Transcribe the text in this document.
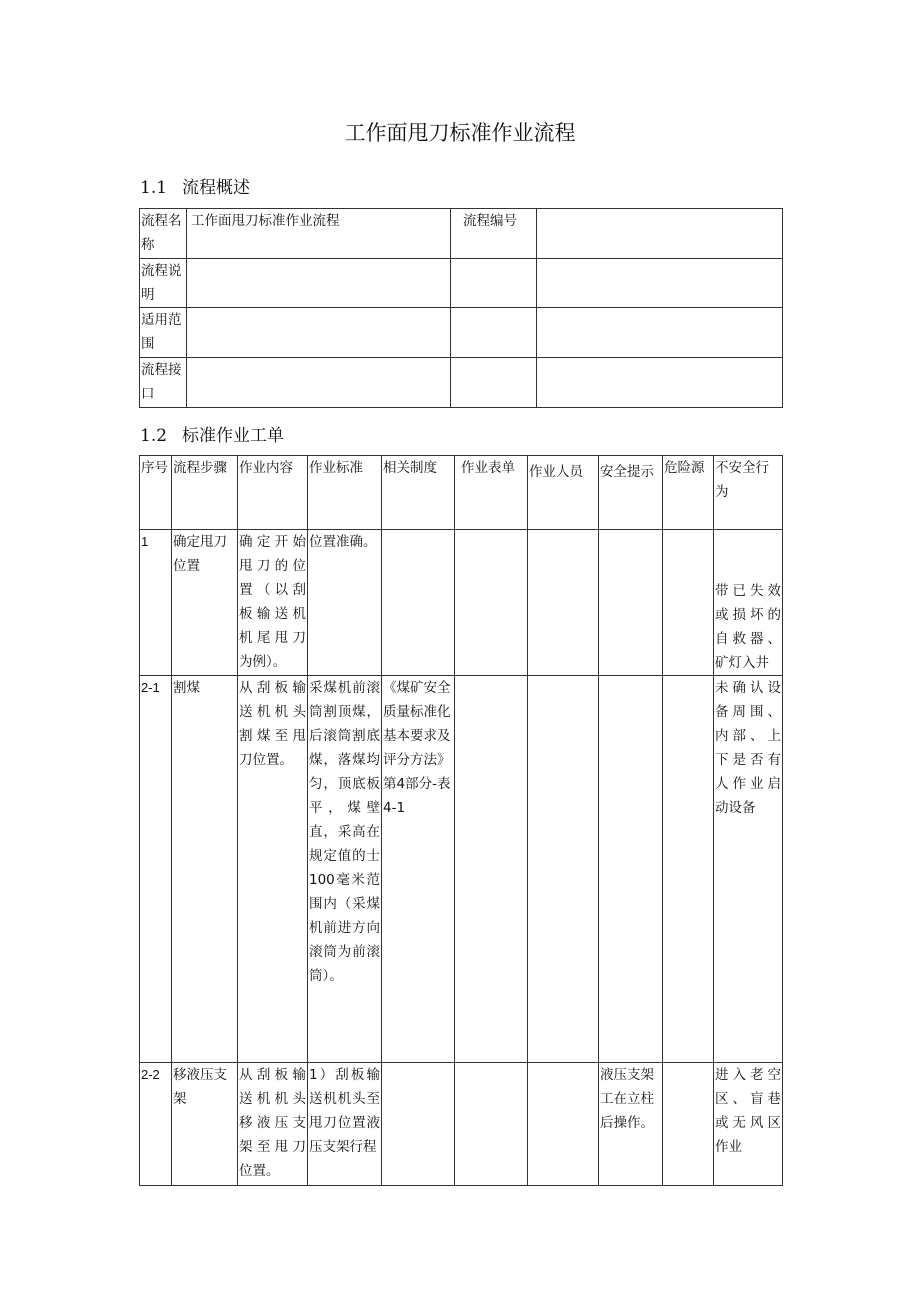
工作面甩刀标准作业流程
1.1 流程概述
流程名称	工作面甩刀标准作业流程	流程编号	
流程说明			
适用范围			
流程接口			
1.2 标准作业工单
序号	流程步骤	作业内容	作业标准	相关制度	作业表单	作业人员	安全提示	危险源	不安全行为
1	确定甩刀位置	确定开始甩刀的位置（以刮板输送机机尾甩刀为例）。	位置准确。						带已失效或损坏的自救器、矿灯入井
2-1	割煤	从刮板输送机机头割煤至甩刀位置。	采煤机前滚筒割顶煤，后滚筒割底煤，落煤均匀，顶底板平，煤壁直，采高在规定值的士100毫米范围内（采煤机前进方向滚筒为前滚筒）。	《煤矿安全质量标准化基本要求及评分方法》第4部分-表4-1					未确认设备周围、内部、上下是否有人作业启动设备
2-2	移液压支架	从刮板输送机机头移液压支架至甩刀位置。	1）刮板输送机机头至甩刀位置液压支架行程				液压支架工在立柱后操作。		进入老空区、盲巷或无风区作业
